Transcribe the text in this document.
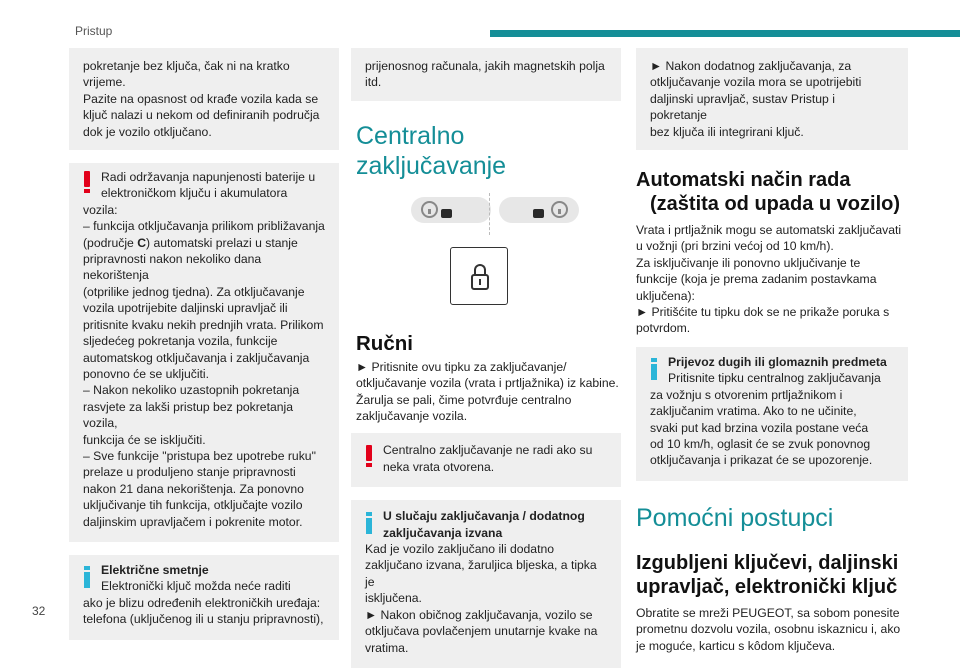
Pristup

pokretanje bez ključa, čak ni na kratko

vrijeme.

Pazite na opasnost od krađe vozila kada se

ključ nalazi u nekom od definiranih područja

dok je vozilo otključano.

Radi održavanja napunjenosti baterije u

elektroničkom ključu i akumulatora

vozila:

– funkcija otključavanja prilikom približavanja

(područje C) automatski prelazi u stanje

pripravnosti nakon nekoliko dana nekorištenja

(otprilike jednog tjedna). Za otključavanje

vozila upotrijebite daljinski upravljač ili

pritisnite kvaku nekih prednjih vrata. Prilikom

sljedećeg pokretanja vozila, funkcije

automatskog otključavanja i zaključavanja

ponovno će se uključiti.

– Nakon nekoliko uzastopnih pokretanja

rasvjete za lakši pristup bez pokretanja vozila,

funkcija će se isključiti.

– Sve funkcije "pristupa bez upotrebe ruku"

prelaze u produljeno stanje pripravnosti

nakon 21 dana nekorištenja. Za ponovno

uključivanje tih funkcija, otključajte vozilo

daljinskim upravljačem i pokrenite motor.

Električne smetnje

Elektronički ključ možda neće raditi

ako je blizu određenih elektroničkih uređaja:

telefona (uključenog ili u stanju pripravnosti),

prijenosnog računala, jakih magnetskih polja

itd.

Centralno zaključavanje
Ručni

► Pritisnite ovu tipku za zaključavanje/

otključavanje vozila (vrata i prtljažnika) iz kabine.

Žarulja se pali, čime potvrđuje centralno

zaključavanje vozila.

Centralno zaključavanje ne radi ako su

neka vrata otvorena.

U slučaju zaključavanja / dodatnog

zaključavanja izvana

Kad je vozilo zaključano ili dodatno

zaključano izvana, žaruljica bljeska, a tipka je

isključena.

► Nakon običnog zaključavanja, vozilo se

otključava povlačenjem unutarnje kvake na

vratima.

► Nakon dodatnog zaključavanja, za

otključavanje vozila mora se upotrijebiti

daljinski upravljač, sustav Pristup i pokretanje

bez ključa ili integrirani ključ.

Automatski način rada
(zaštita od upada u vozilo)

Vrata i prtljažnik mogu se automatski zaključavati

u vožnji (pri brzini većoj od 10 km/h).

Za isključivanje ili ponovno uključivanje te

funkcije (koja je prema zadanim postavkama

uključena):

► Pritišćite tu tipku dok se ne prikaže poruka s

potvrdom.

Prijevoz dugih ili glomaznih predmeta

Pritisnite tipku centralnog zaključavanja

za vožnju s otvorenim prtljažnikom i

zaključanim vratima. Ako to ne učinite,

svaki put kad brzina vozila postane veća

od 10 km/h, oglasit će se zvuk ponovnog

otključavanja i prikazat će se upozorenje.

Pomoćni postupci
Izgubljeni ključevi, daljinski
upravljač, elektronički ključ

Obratite se mreži PEUGEOT, sa sobom ponesite

prometnu dozvolu vozila, osobnu iskaznicu i, ako

je moguće, karticu s kôdom ključeva.

32
